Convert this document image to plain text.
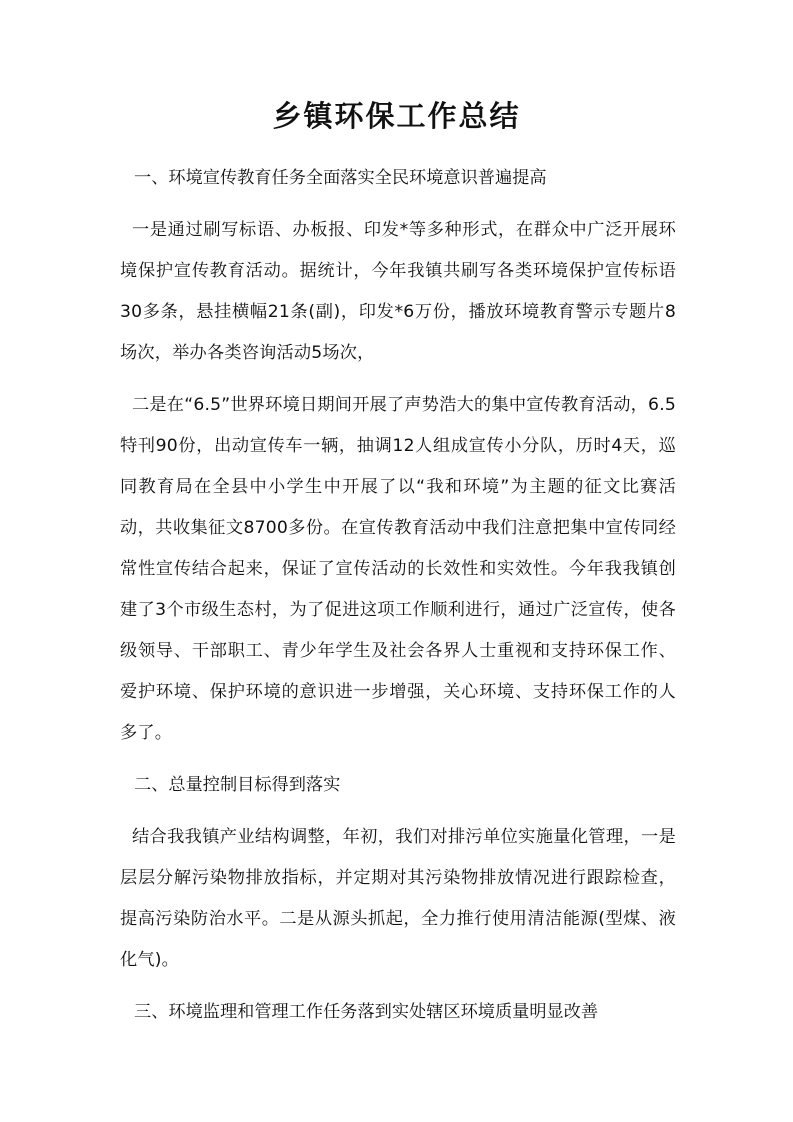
乡镇环保工作总结
一、环境宣传教育任务全面落实全民环境意识普遍提高
一是通过刷写标语、办板报、印发*等多种形式，在群众中广泛开展环境保护宣传教育活动。据统计，今年我镇共刷写各类环境保护宣传标语30多条，悬挂横幅21条(副)，印发*6万份，播放环境教育警示专题片8场次，举办各类咨询活动5场次，
二是在“6.5”世界环境日期间开展了声势浩大的集中宣传教育活动，6.5特刊90份，出动宣传车一辆，抽调12人组成宣传小分队，历时4天，巡同教育局在全县中小学生中开展了以“我和环境”为主题的征文比赛活动，共收集征文8700多份。在宣传教育活动中我们注意把集中宣传同经常性宣传结合起来，保证了宣传活动的长效性和实效性。今年我我镇创建了3个市级生态村，为了促进这项工作顺利进行，通过广泛宣传，使各级领导、干部职工、青少年学生及社会各界人士重视和支持环保工作、爱护环境、保护环境的意识进一步增强，关心环境、支持环保工作的人多了。
二、总量控制目标得到落实
结合我我镇产业结构调整，年初，我们对排污单位实施量化管理，一是层层分解污染物排放指标，并定期对其污染物排放情况进行跟踪检查，提高污染防治水平。二是从源头抓起，全力推行使用清洁能源(型煤、液化气)。
三、环境监理和管理工作任务落到实处辖区环境质量明显改善
